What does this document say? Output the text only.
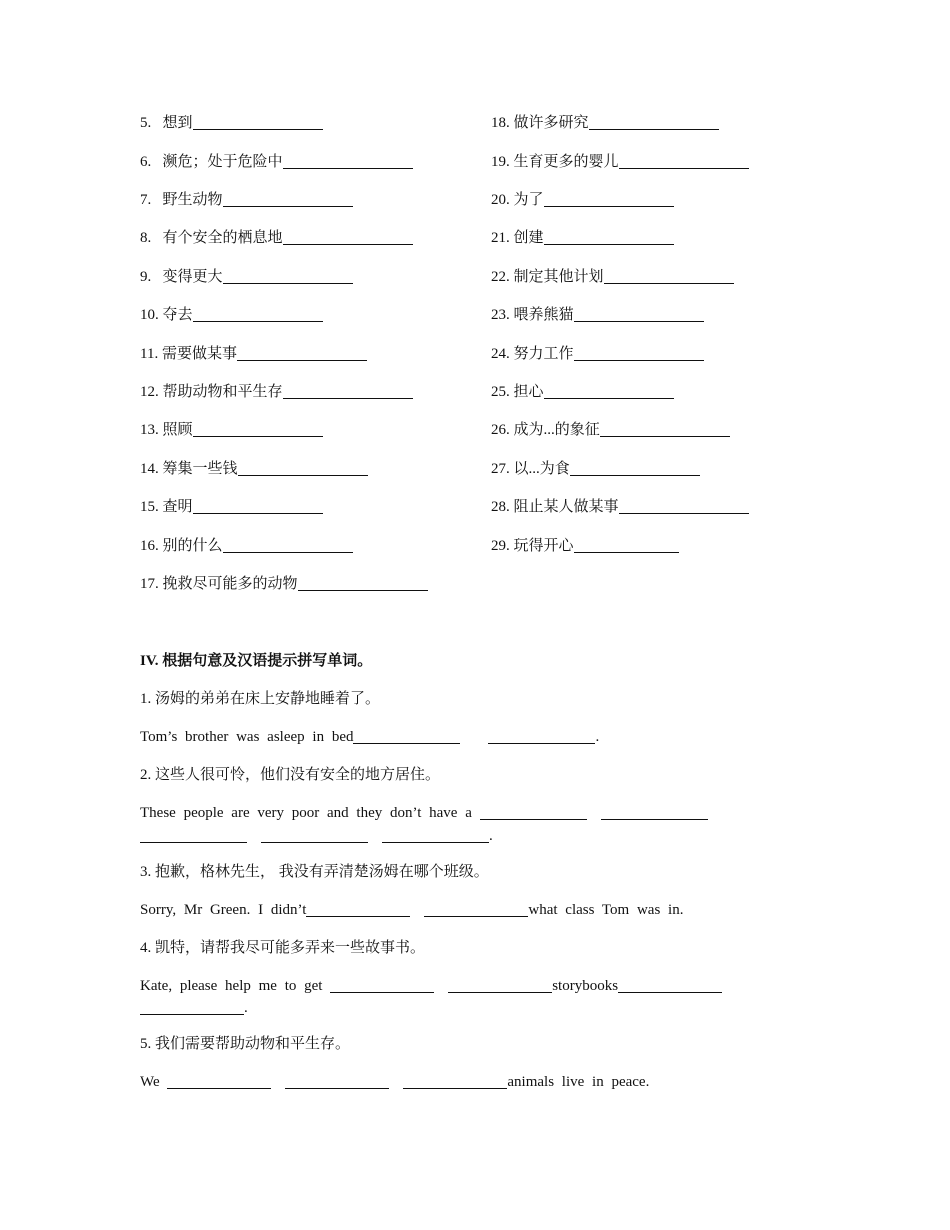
5. 想到
6. 濒危；处于危险中
7. 野生动物
8. 有个安全的栖息地
9. 变得更大
10. 夺去
11. 需要做某事
12. 帮助动物和平生存
13. 照顾
14. 筹集一些钱
15. 查明
16. 别的什么
17. 挽救尽可能多的动物
18. 做许多研究
19. 生育更多的婴儿
20. 为了
21. 创建
22. 制定其他计划
23. 喂养熊猫
24. 努力工作
25. 担心
26. 成为...的象征
27. 以...为食
28. 阻止某人做某事
29. 玩得开心
IV. 根据句意及汉语提示拼写单词。
1. 汤姆的弟弟在床上安静地睡着了。
Tom’s brother was asleep in bed	.
2. 这些人很可怜，他们没有安全的地方居住。
These people are very poor and they don’t have a
.
3. 抱歉，格林先生， 我没有弄清楚汤姆在哪个班级。
Sorry, Mr Green. I didn’t	what class Tom was in.
4. 凯特，请帮我尽可能多弄来一些故事书。
Kate, please help me to get	storybooks
.
5. 我们需要帮助动物和平生存。
We	animals live in peace.
